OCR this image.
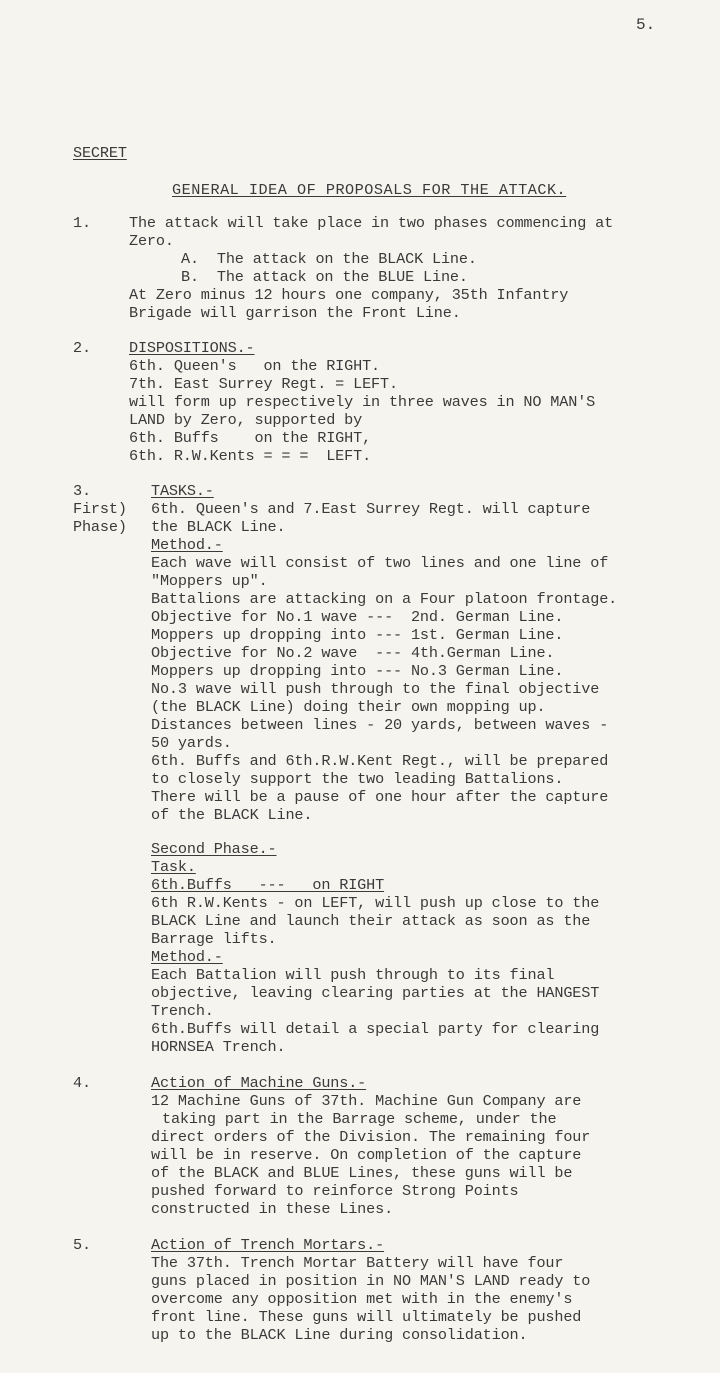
5.
SECRET
GENERAL IDEA OF PROPOSALS FOR THE ATTACK.
1.	The attack will take place in two phases commencing at
Zero.
A.  The attack on the BLACK Line.
B.  The attack on the BLUE Line.
At Zero minus 12 hours one company, 35th Infantry
Brigade will garrison the Front Line.
2.	DISPOSITIONS.-
6th. Queen's   on the RIGHT.
7th. East Surrey Regt. = LEFT.
will form up respectively in three waves in NO MAN'S
LAND by Zero, supported by
6th. Buffs    on the RIGHT,
6th. R.W.Kents = = =  LEFT.
3.	TASKS.-
First)
Phase)
6th. Queen's and 7.East Surrey Regt. will capture
the BLACK Line.
Method.-
Each wave will consist of two lines and one line of
"Moppers up".
Battalions are attacking on a Four platoon frontage.
Objective for No.1 wave ---  2nd. German Line.
Moppers up dropping into --- 1st. German Line.
Objective for No.2 wave  --- 4th.German Line.
Moppers up dropping into --- No.3 German Line.
No.3 wave will push through to the final objective
(the BLACK Line) doing their own mopping up.
Distances between lines - 20 yards, between waves -
50 yards.
6th. Buffs and 6th.R.W.Kent Regt., will be prepared
to closely support the two leading Battalions.
There will be a pause of one hour after the capture
of the BLACK Line.
Second Phase.-
Task.
6th.Buffs   ---   on RIGHT
6th R.W.Kents - on LEFT, will push up close to the
BLACK Line and launch their attack as soon as the
Barrage lifts.
Method.-
Each Battalion will push through to its final
objective, leaving clearing parties at the HANGEST
Trench.
6th.Buffs will detail a special party for clearing
HORNSEA Trench.
4.	Action of Machine Guns.-
12 Machine Guns of 37th. Machine Gun Company are
taking part in the Barrage scheme, under the
direct orders of the Division. The remaining four
will be in reserve. On completion of the capture
of the BLACK and BLUE Lines, these guns will be
pushed forward to reinforce Strong Points
constructed in these Lines.
5.	Action of Trench Mortars.-
The 37th. Trench Mortar Battery will have four
guns placed in position in NO MAN'S LAND ready to
overcome any opposition met with in the enemy's
front line. These guns will ultimately be pushed
up to the BLACK Line during consolidation.
